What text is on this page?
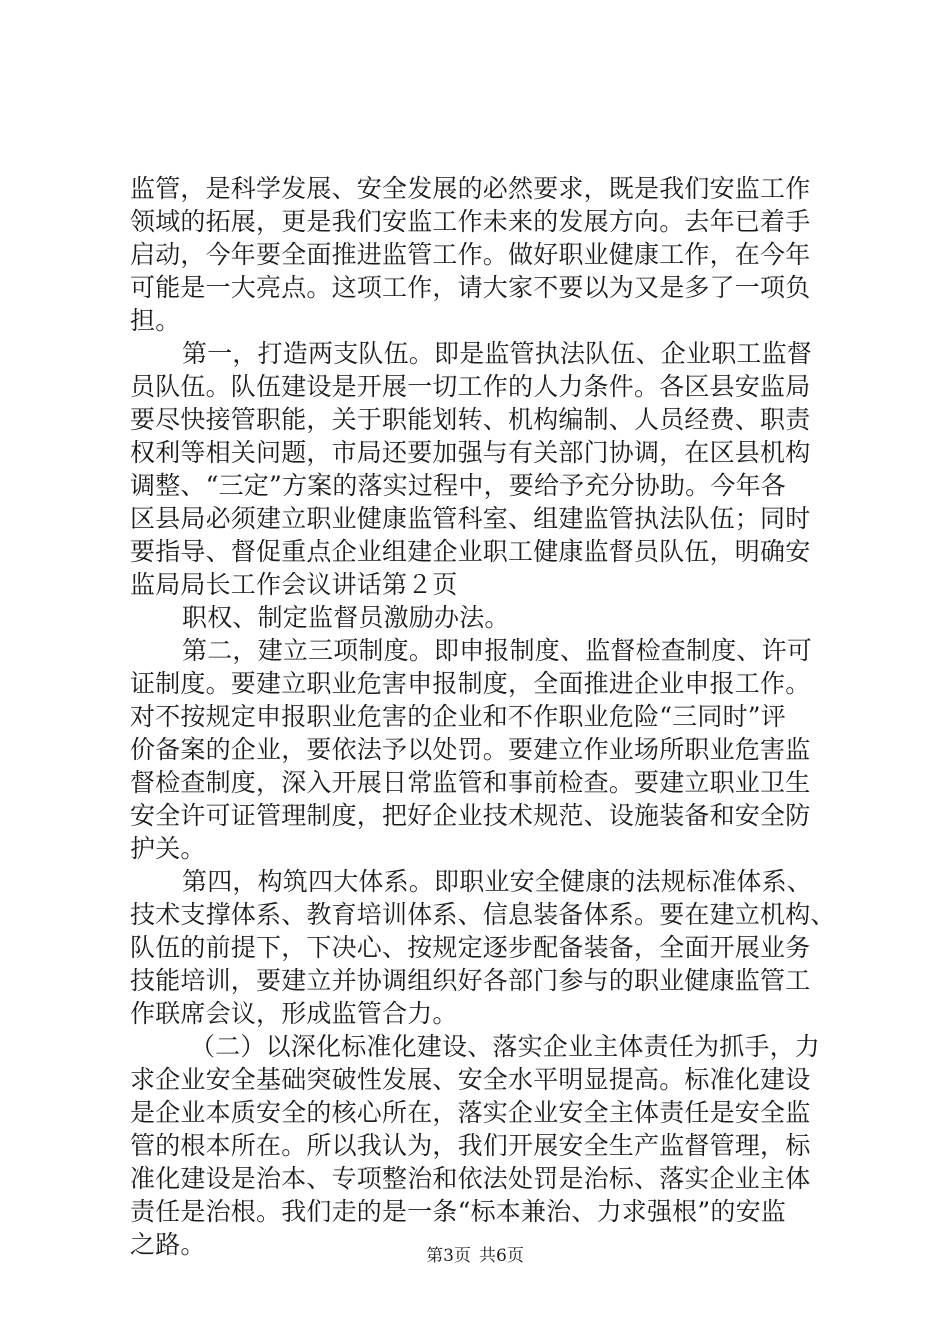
监管，是科学发展、安全发展的必然要求，既是我们安监工作
领域的拓展，更是我们安监工作未来的发展方向。去年已着手
启动，今年要全面推进监管工作。做好职业健康工作，在今年
可能是一大亮点。这项工作，请大家不要以为又是多了一项负
担。
第一，打造两支队伍。即是监管执法队伍、企业职工监督
员队伍。队伍建设是开展一切工作的人力条件。各区县安监局
要尽快接管职能，关于职能划转、机构编制、人员经费、职责
权利等相关问题，市局还要加强与有关部门协调，在区县机构
调整、“三定”方案的落实过程中，要给予充分协助。今年各
区县局必须建立职业健康监管科室、组建监管执法队伍；同时
要指导、督促重点企业组建企业职工健康监督员队伍，明确安
监局局长工作会议讲话第２页
职权、制定监督员激励办法。
第二，建立三项制度。即申报制度、监督检查制度、许可
证制度。要建立职业危害申报制度，全面推进企业申报工作。
对不按规定申报职业危害的企业和不作职业危险“三同时”评
价备案的企业，要依法予以处罚。要建立作业场所职业危害监
督检查制度，深入开展日常监管和事前检查。要建立职业卫生
安全许可证管理制度，把好企业技术规范、设施装备和安全防
护关。
第四，构筑四大体系。即职业安全健康的法规标准体系、
技术支撑体系、教育培训体系、信息装备体系。要在建立机构、
队伍的前提下，下决心、按规定逐步配备装备，全面开展业务
技能培训，要建立并协调组织好各部门参与的职业健康监管工
作联席会议，形成监管合力。
（二）以深化标准化建设、落实企业主体责任为抓手，力
求企业安全基础突破性发展、安全水平明显提高。标准化建设
是企业本质安全的核心所在，落实企业安全主体责任是安全监
管的根本所在。所以我认为，我们开展安全生产监督管理，标
准化建设是治本、专项整治和依法处罚是治标、落实企业主体
责任是治根。我们走的是一条“标本兼治、力求强根”的安监
之路。	第3页 共6页
